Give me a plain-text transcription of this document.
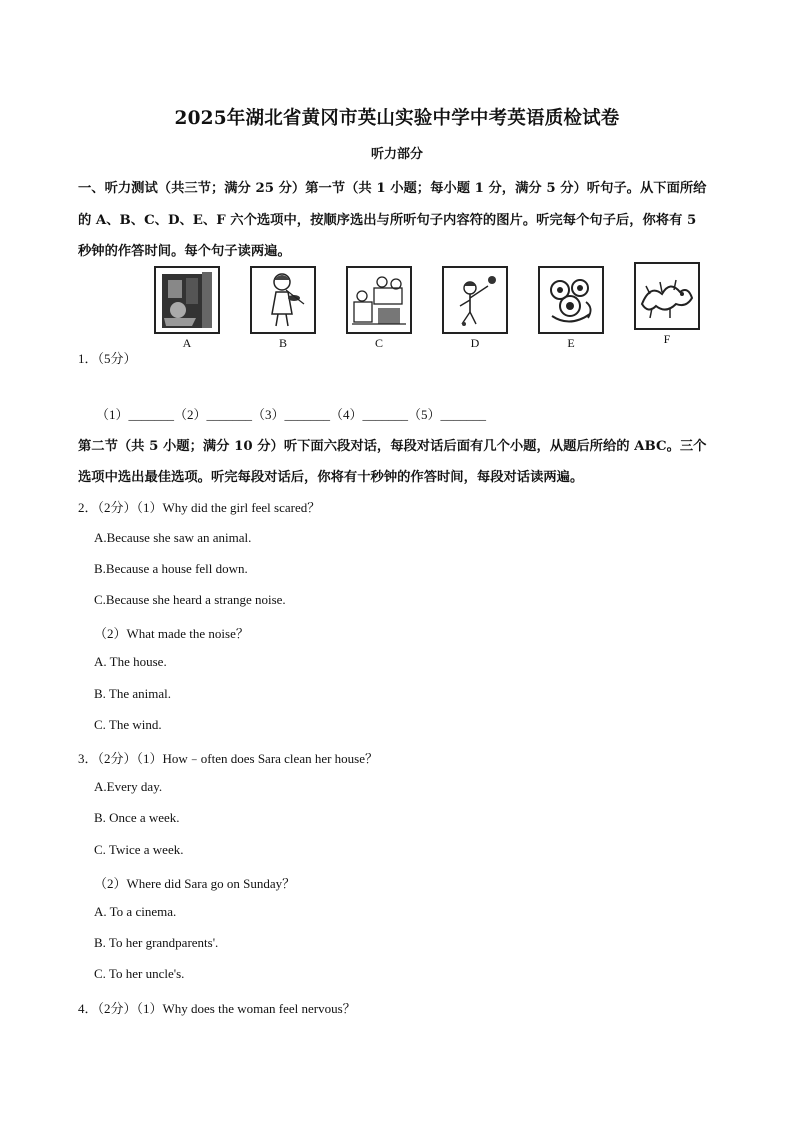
2025年湖北省黄冈市英山实验中学中考英语质检试卷
听力部分
一、听力测试（共三节；满分 25 分）第一节（共 1 小题；每小题 1 分，满分 5 分）听句子。从下面所给
的 A、B、C、D、E、F 六个选项中，按顺序选出与所听句子内容符的图片。听完每个句子后，你将有 5
秒钟的作答时间。每个句子读两遍。
1．（5分）
A	B	C	D	E	F
（1）_______（2）_______（3）_______（4）_______（5）_______
第二节（共 5 小题；满分 10 分）听下面六段对话，每段对话后面有几个小题，从题后所给的 ABC。三个
选项中选出最佳选项。听完每段对话后，你将有十秒钟的作答时间，每段对话读两遍。
2．（2分）（1）Why did the girl feel scared？
A.Because she saw an animal.
B.Because a house fell down.
C.Because she heard a strange noise.
（2）What made the noise？
A. The house.
B. The animal.
C. The wind.
3．（2分）（1）How﹣often does Sara clean her house？
A.Every day.
B. Once a week.
C. Twice a week.
（2）Where did Sara go on Sunday？
A. To a cinema.
B. To her grandparents'.
C. To her uncle's.
4．（2分）（1）Why does the woman feel nervous？
